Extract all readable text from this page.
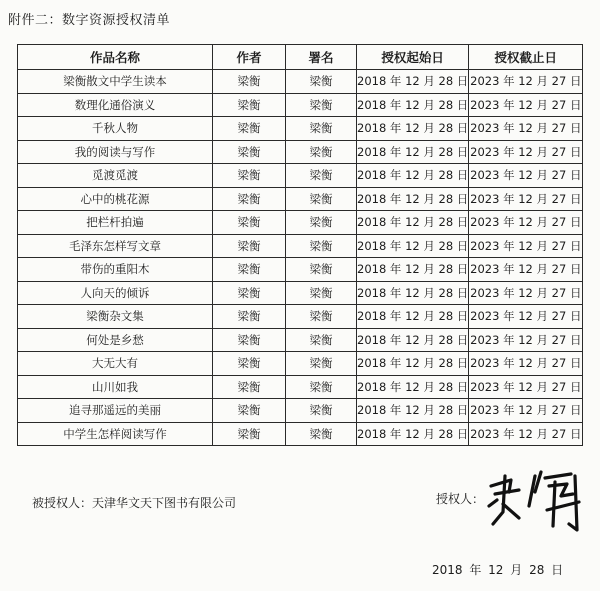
附件二：数字资源授权清单
作品名称	作者	署名	授权起始日	授权截止日
梁衡散文中学生读本	梁衡	梁衡	2018 年 12 月 28 日	2023 年 12 月 27 日
数理化通俗演义	梁衡	梁衡	2018 年 12 月 28 日	2023 年 12 月 27 日
千秋人物	梁衡	梁衡	2018 年 12 月 28 日	2023 年 12 月 27 日
我的阅读与写作	梁衡	梁衡	2018 年 12 月 28 日	2023 年 12 月 27 日
觅渡觅渡	梁衡	梁衡	2018 年 12 月 28 日	2023 年 12 月 27 日
心中的桃花源	梁衡	梁衡	2018 年 12 月 28 日	2023 年 12 月 27 日
把栏杆拍遍	梁衡	梁衡	2018 年 12 月 28 日	2023 年 12 月 27 日
毛泽东怎样写文章	梁衡	梁衡	2018 年 12 月 28 日	2023 年 12 月 27 日
带伤的重阳木	梁衡	梁衡	2018 年 12 月 28 日	2023 年 12 月 27 日
人向天的倾诉	梁衡	梁衡	2018 年 12 月 28 日	2023 年 12 月 27 日
梁衡杂文集	梁衡	梁衡	2018 年 12 月 28 日	2023 年 12 月 27 日
何处是乡愁	梁衡	梁衡	2018 年 12 月 28 日	2023 年 12 月 27 日
大无大有	梁衡	梁衡	2018 年 12 月 28 日	2023 年 12 月 27 日
山川如我	梁衡	梁衡	2018 年 12 月 28 日	2023 年 12 月 27 日
追寻那遥远的美丽	梁衡	梁衡	2018 年 12 月 28 日	2023 年 12 月 27 日
中学生怎样阅读写作	梁衡	梁衡	2018 年 12 月 28 日	2023 年 12 月 27 日
被授权人：天津华文天下图书有限公司	授权人：
2018 年 12 月 28 日
